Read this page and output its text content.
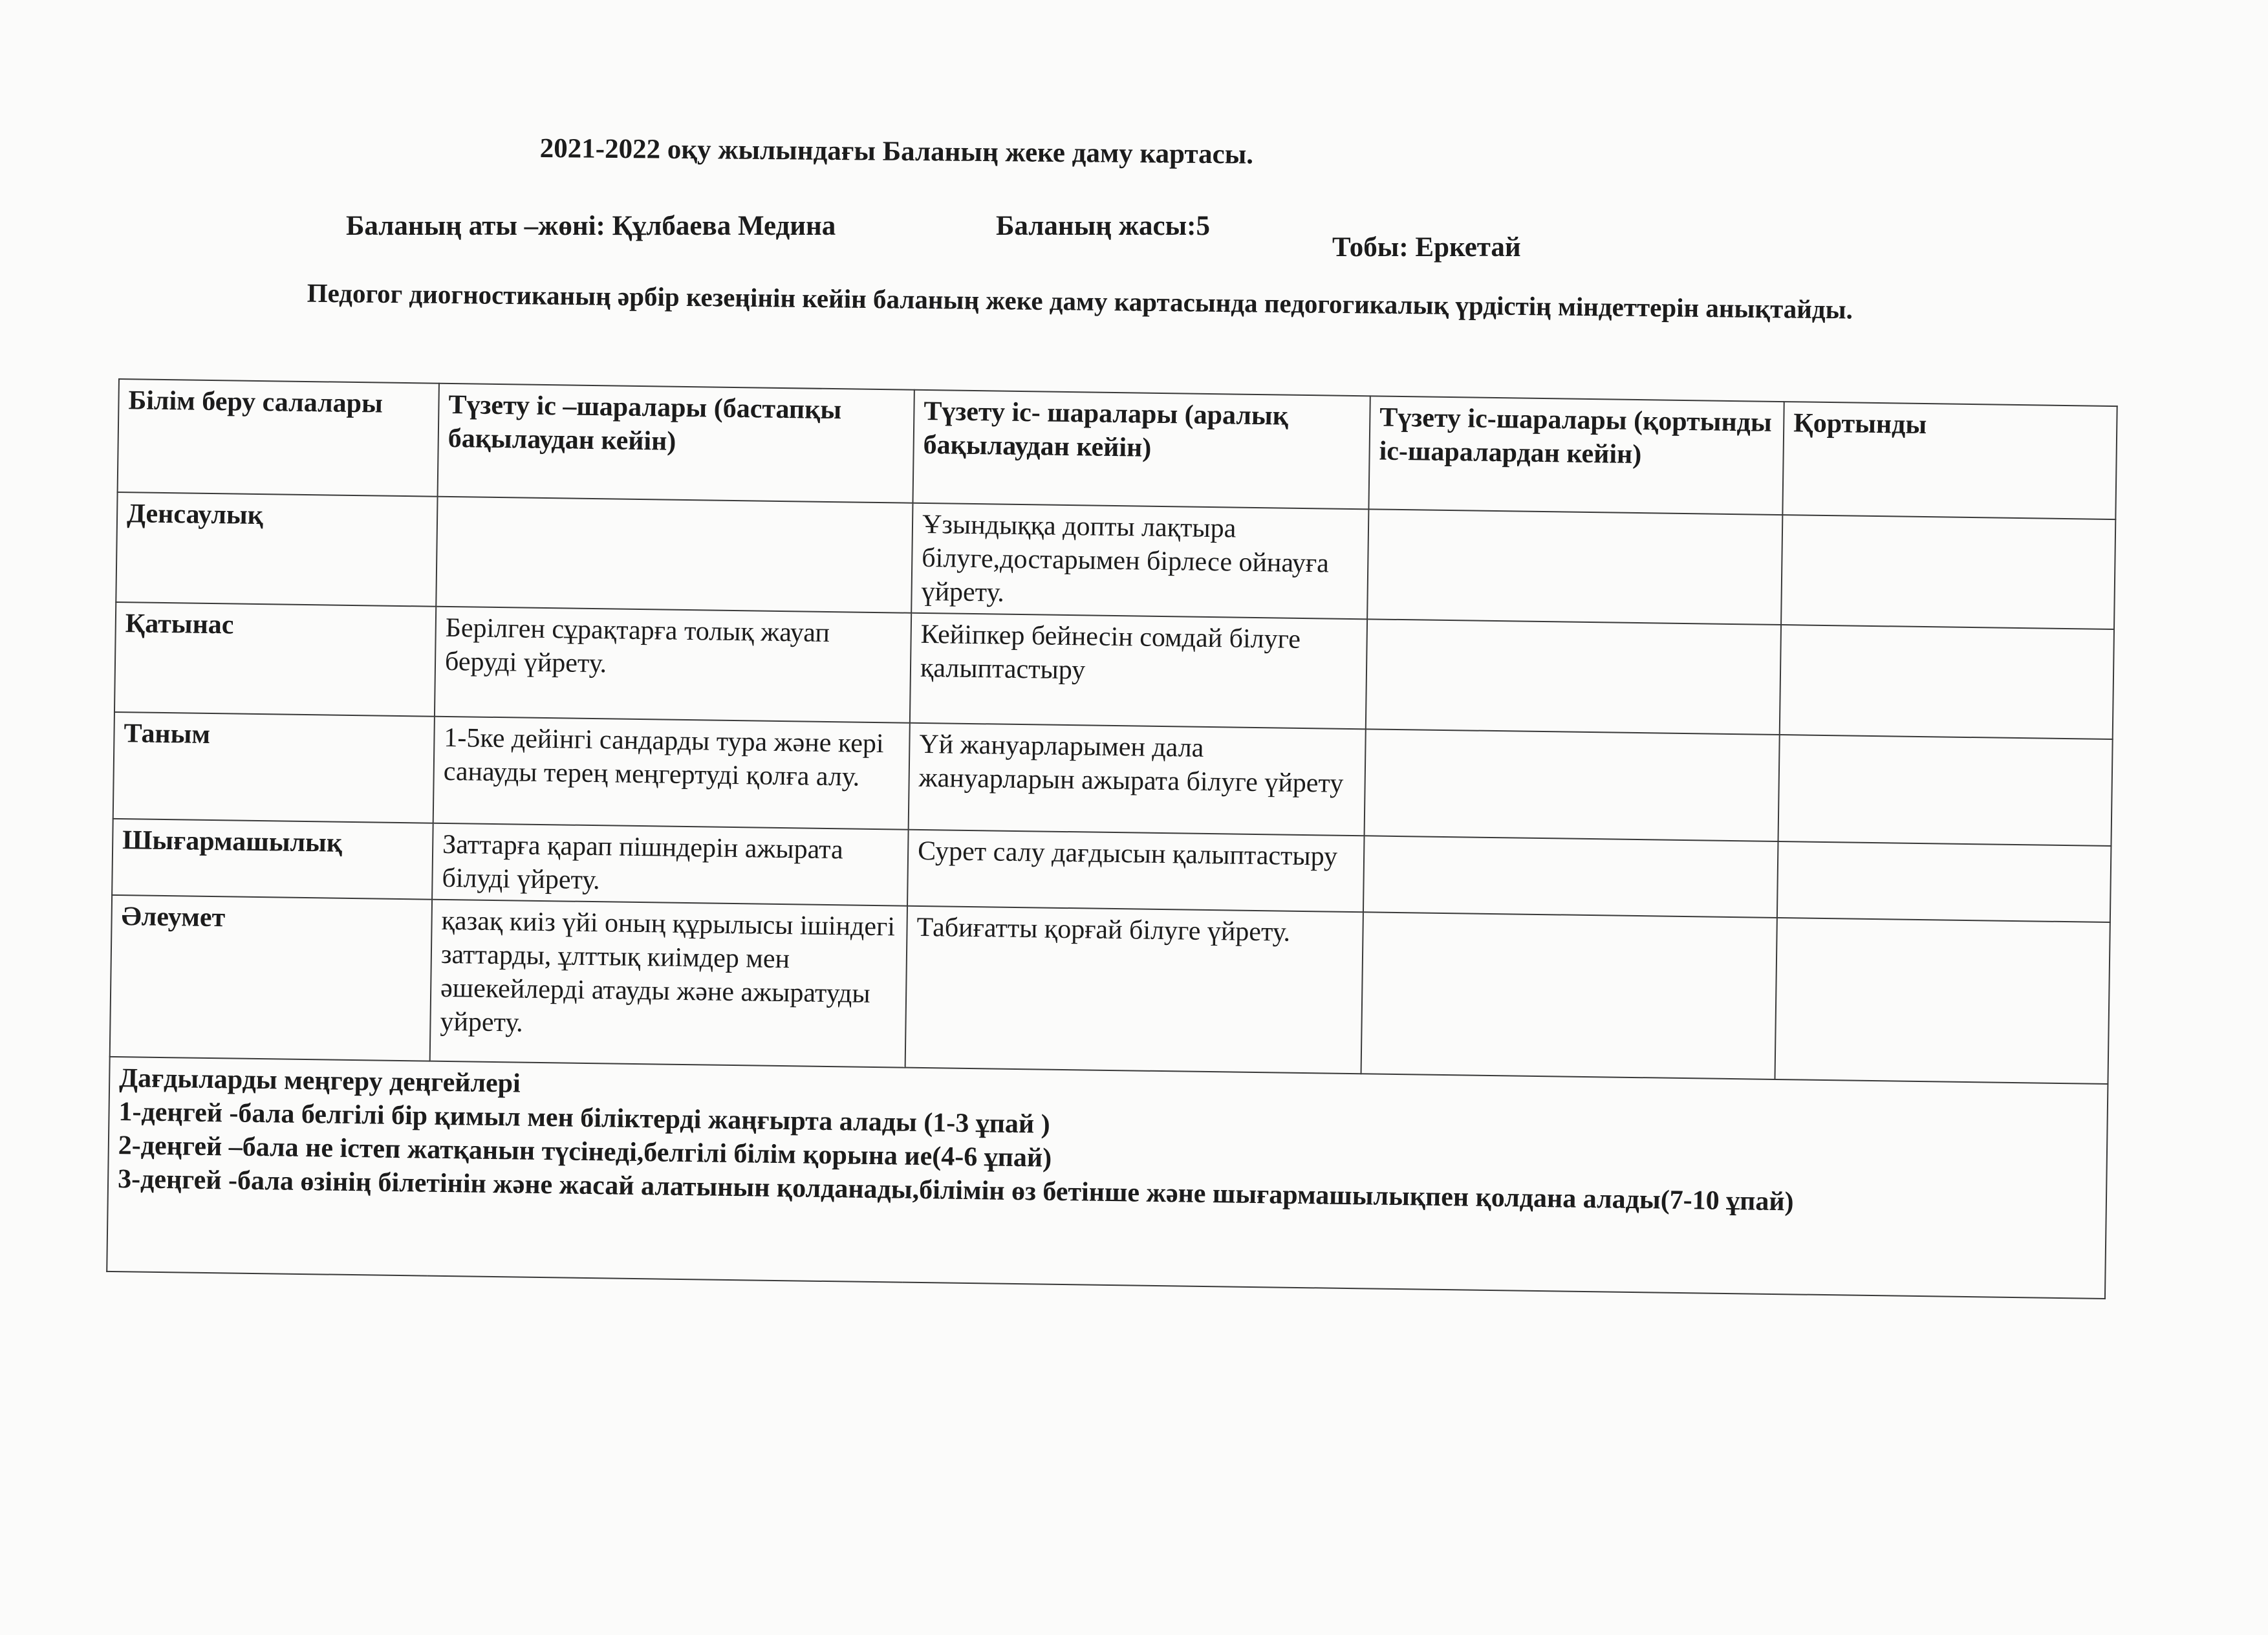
2021-2022 оқу жылындағы Баланың жеке даму картасы.
Баланың аты –жөні: Құлбаева Медина	Баланың жасы:5
Тобы: Еркетай
Педогог диогностиканың әрбір кезеңінін кейін баланың жеке даму картасында педогогикалық үрдістің міндеттерін анықтайды.
Білім беру салалары	Түзету іс –шаралары (бастапқы бақылаудан кейін)	Түзету іс- шаралары (аралық бақылаудан кейін)	Түзету іс-шаралары (қортынды іс-шаралардан кейін)	Қортынды
Денсаулық		Ұзындыққа допты лақтыра білуге,достарымен бірлесе ойнауға үйрету.		
Қатынас	Берілген сұрақтарға толық жауап беруді үйрету.	Кейіпкер бейнесін сомдай білуге қалыптастыру		
Таным	1-5ке дейінгі сандарды тура және кері санауды терең меңгертуді қолға алу.	Үй жануарларымен дала жануарларын ажырата білуге үйрету		
Шығармашылық	Заттарға қарап пішндерін ажырата білуді үйрету.	Сурет салу дағдысын қалыптастыру		
Әлеумет	қазақ киіз үйі оның құрылысы ішіндегі заттарды, ұлттық киімдер мен әшекейлерді атауды және ажыратуды уйрету.	Табиғатты қорғай білуге үйрету.		

Дағдыларды меңгеру деңгейлері
1-деңгей -бала белгілі бір қимыл мен біліктерді жаңғырта алады (1-3 ұпай )
2-деңгей –бала не істеп жатқанын түсінеді,белгілі білім қорына ие(4-6 ұпай)
3-деңгей -бала өзінің білетінін және жасай алатынын қолданады,білімін өз бетінше және шығармашылықпен қолдана алады(7-10 ұпай)				
